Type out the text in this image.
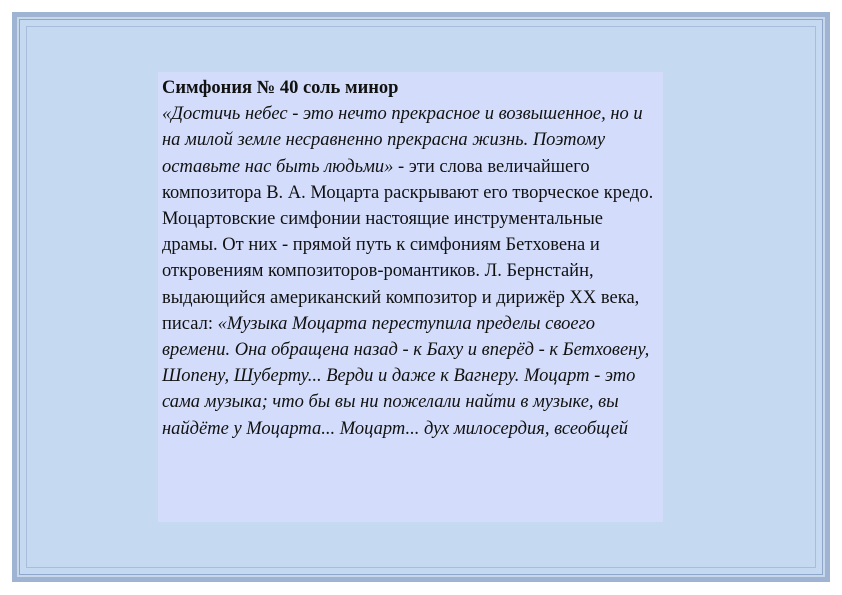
Симфония № 40 соль минор

«Достичь небес - это нечто прекрасное и возвышенное, но и на милой земле несравненно прекрасна жизнь. Поэтому оставьте нас быть людьми» - эти слова величайшего композитора В. А. Моцарта раскрывают его творческое кредо. Моцартовские симфонии настоящие инструментальные драмы. От них - прямой путь к симфониям Бетховена и откровениям композиторов-романтиков. Л. Бернстайн, выдающийся американский композитор и дирижёр XX века, писал: «Музыка Моцарта переступила пределы своего времени. Она обращена назад - к Баху и вперёд - к Бетховену, Шопену, Шуберту... Верди и даже к Вагнеру. Моцарт - это сама музыка; что бы вы ни пожелали найти в музыке, вы найдёте у Моцарта... Моцарт... дух милосердия, всеобщей
